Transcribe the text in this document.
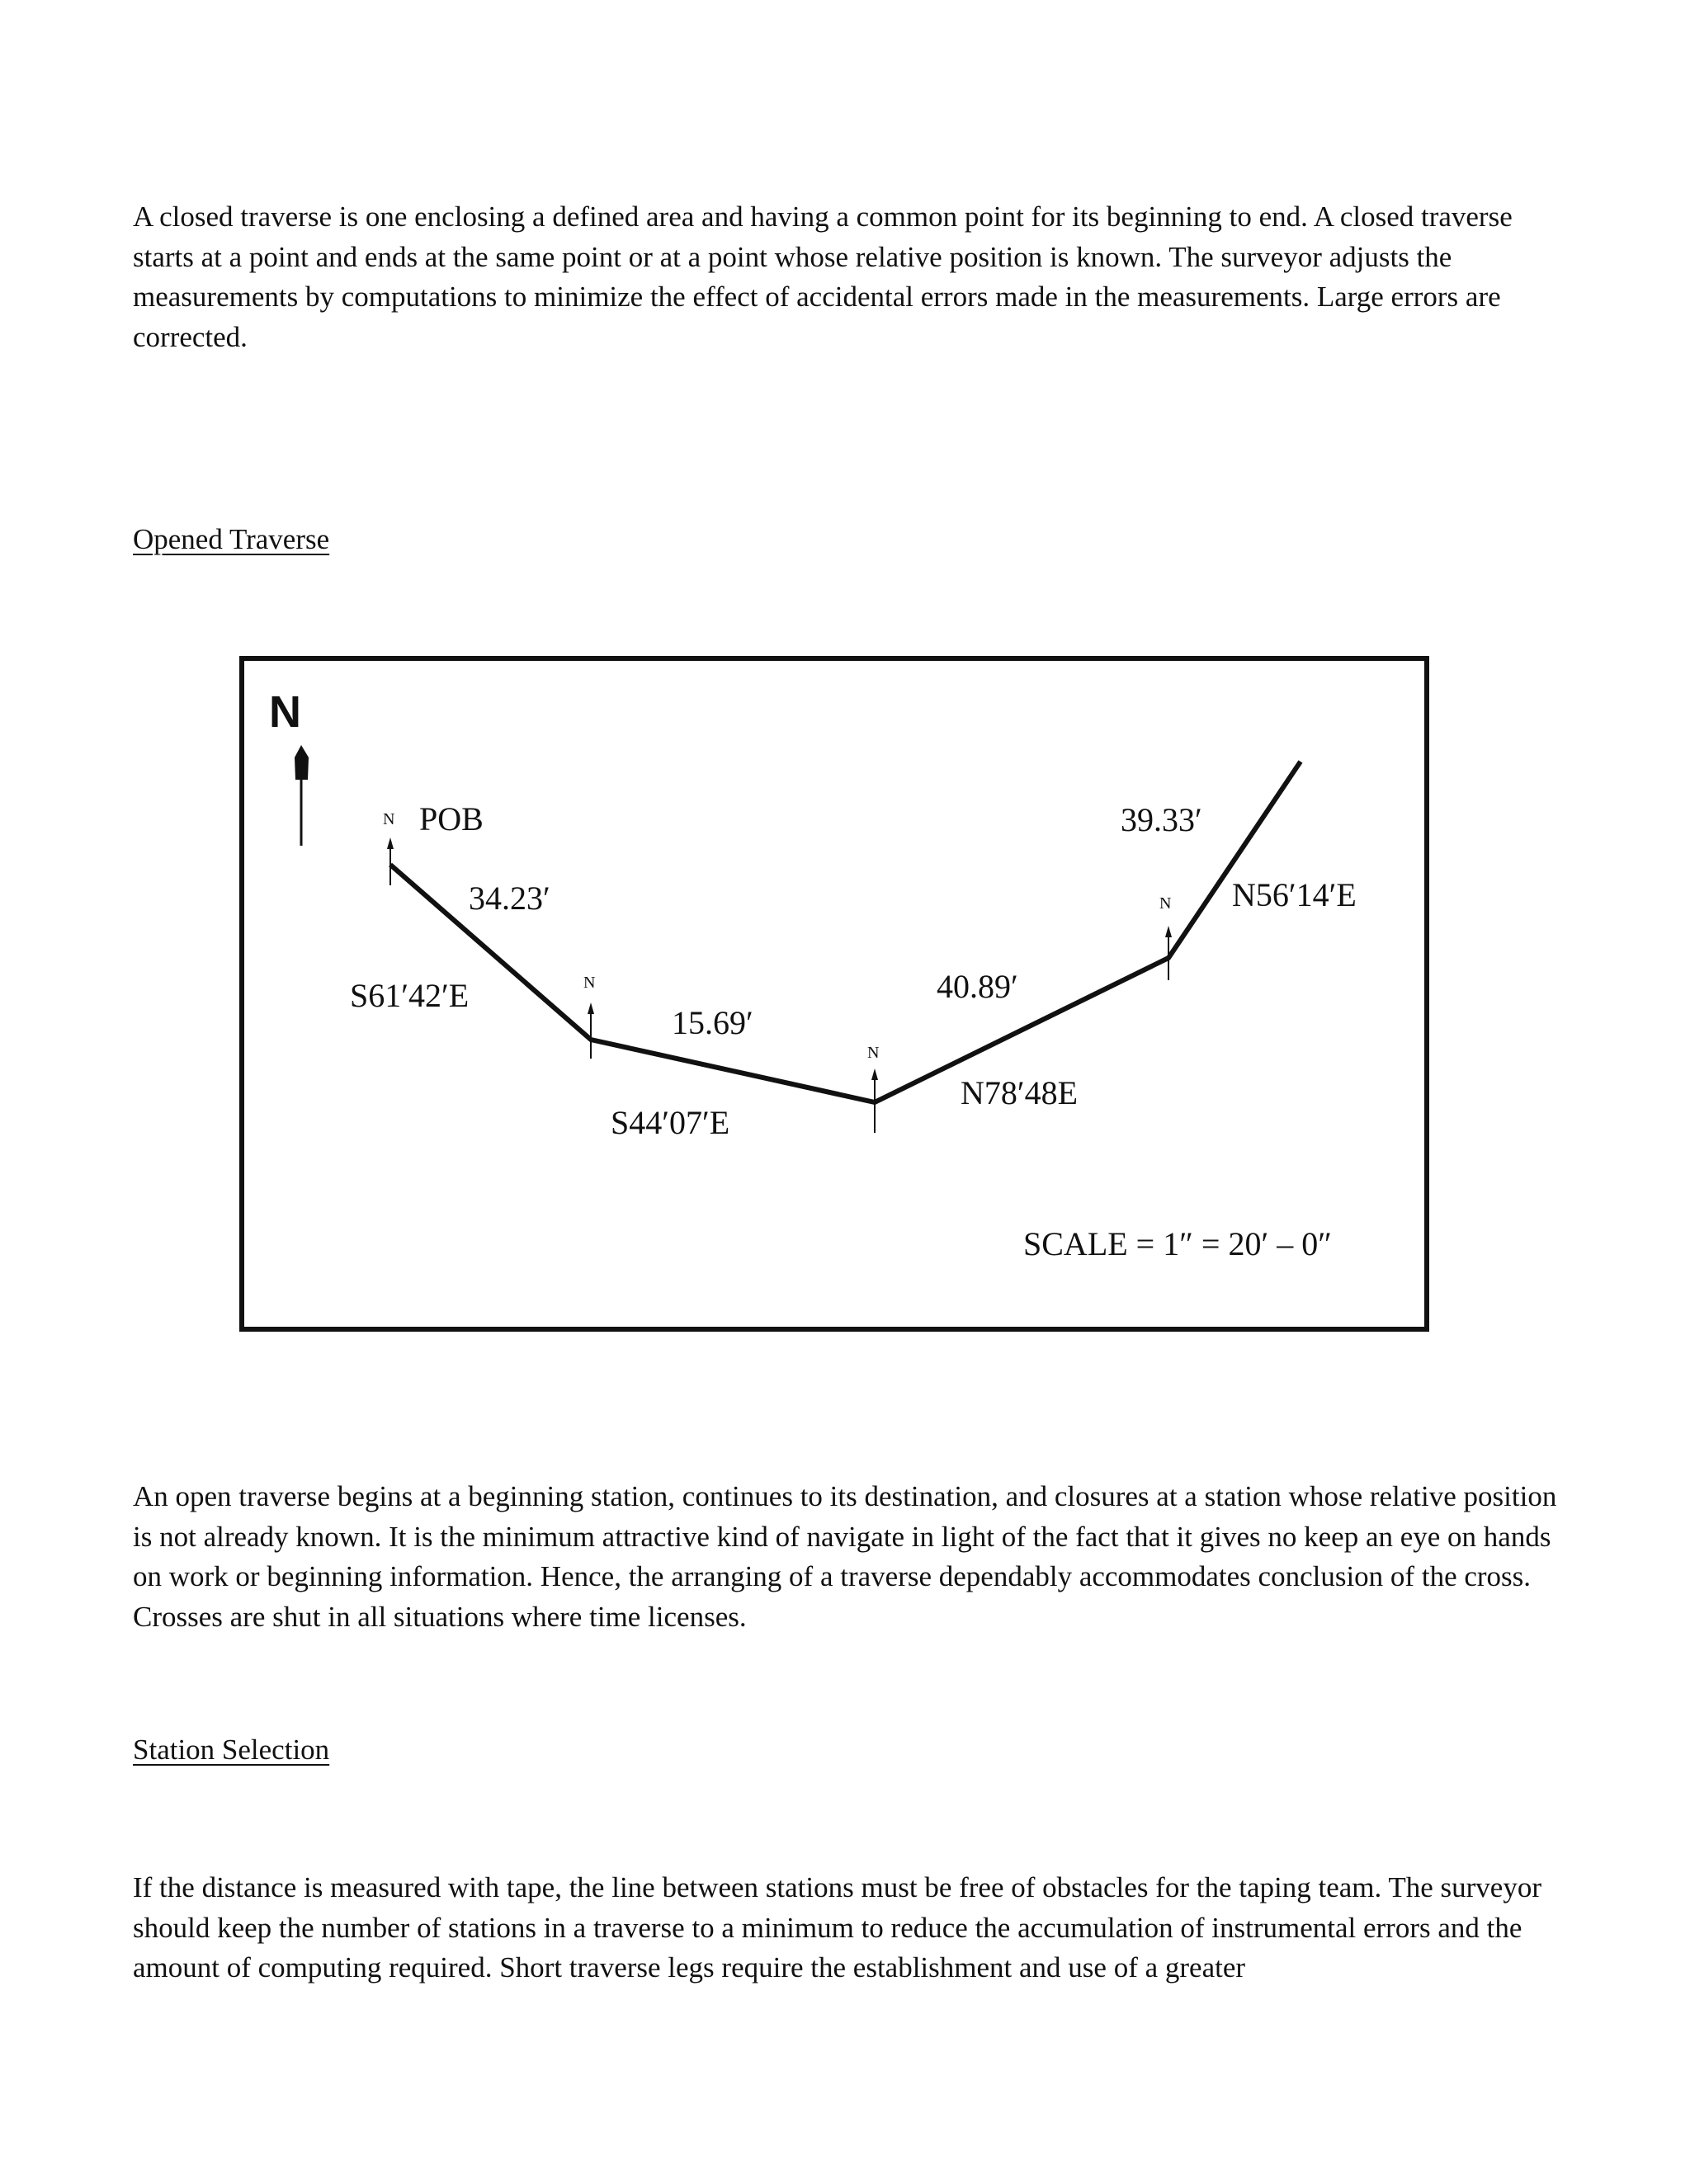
A closed traverse is one enclosing a defined area and having a common point for its beginning to end. A closed traverse starts at a point and ends at the same point or at a point whose relative position is known. The surveyor adjusts the measurements by computations to minimize the effect of accidental errors made in the measurements. Large errors are corrected.

Opened Traverse

N
N POB
N
N
N
34.23′
S61′42′E
15.69′
S44′07′E
40.89′
N78′48E
39.33′
N56′14′E
SCALE = 1″ = 20′ – 0″

An open traverse begins at a beginning station, continues to its destination, and closures at a station whose relative position is not already known. It is the minimum attractive kind of navigate in light of the fact that it gives no keep an eye on hands on work or beginning information. Hence, the arranging of a traverse dependably accommodates conclusion of the cross. Crosses are shut in all situations where time licenses.

Station Selection

If the distance is measured with tape, the line between stations must be free of obstacles for the taping team. The surveyor should keep the number of stations in a traverse to a minimum to reduce the accumulation of instrumental errors and the amount of computing required. Short traverse legs require the establishment and use of a greater
